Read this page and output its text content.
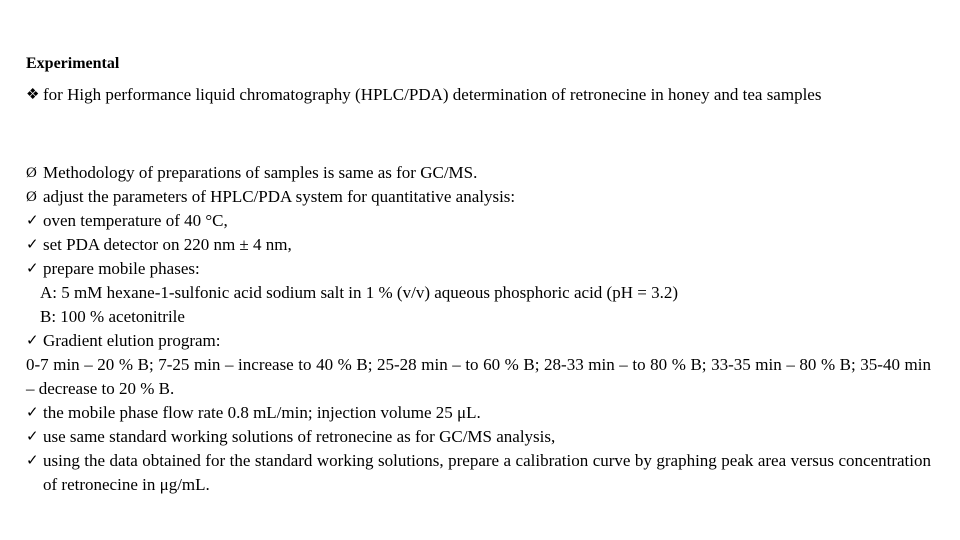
Experimental
❖ for High performance liquid chromatography (HPLC/PDA) determination of retronecine in honey and tea samples
Ø Methodology of preparations of samples is same as for GC/MS.
Ø adjust the parameters of HPLC/PDA system for quantitative analysis:
✓ oven temperature of 40 °C,
✓ set PDA detector on 220 nm ± 4 nm,
✓ prepare mobile phases:
A: 5 mM hexane-1-sulfonic acid sodium salt in 1 % (v/v) aqueous phosphoric acid (pH = 3.2)
B: 100 % acetonitrile
✓ Gradient elution program:
0-7 min – 20 % B; 7-25 min – increase to 40 % B; 25-28 min – to 60 % B; 28-33 min – to 80 % B; 33-35 min – 80 % B; 35-40 min – decrease to 20 % B.
✓ the mobile phase flow rate 0.8 mL/min; injection volume 25 μL.
✓ use same standard working solutions of retronecine as for GC/MS analysis,
✓ using the data obtained for the standard working solutions, prepare a calibration curve by graphing peak area versus concentration of retronecine in μg/mL.
